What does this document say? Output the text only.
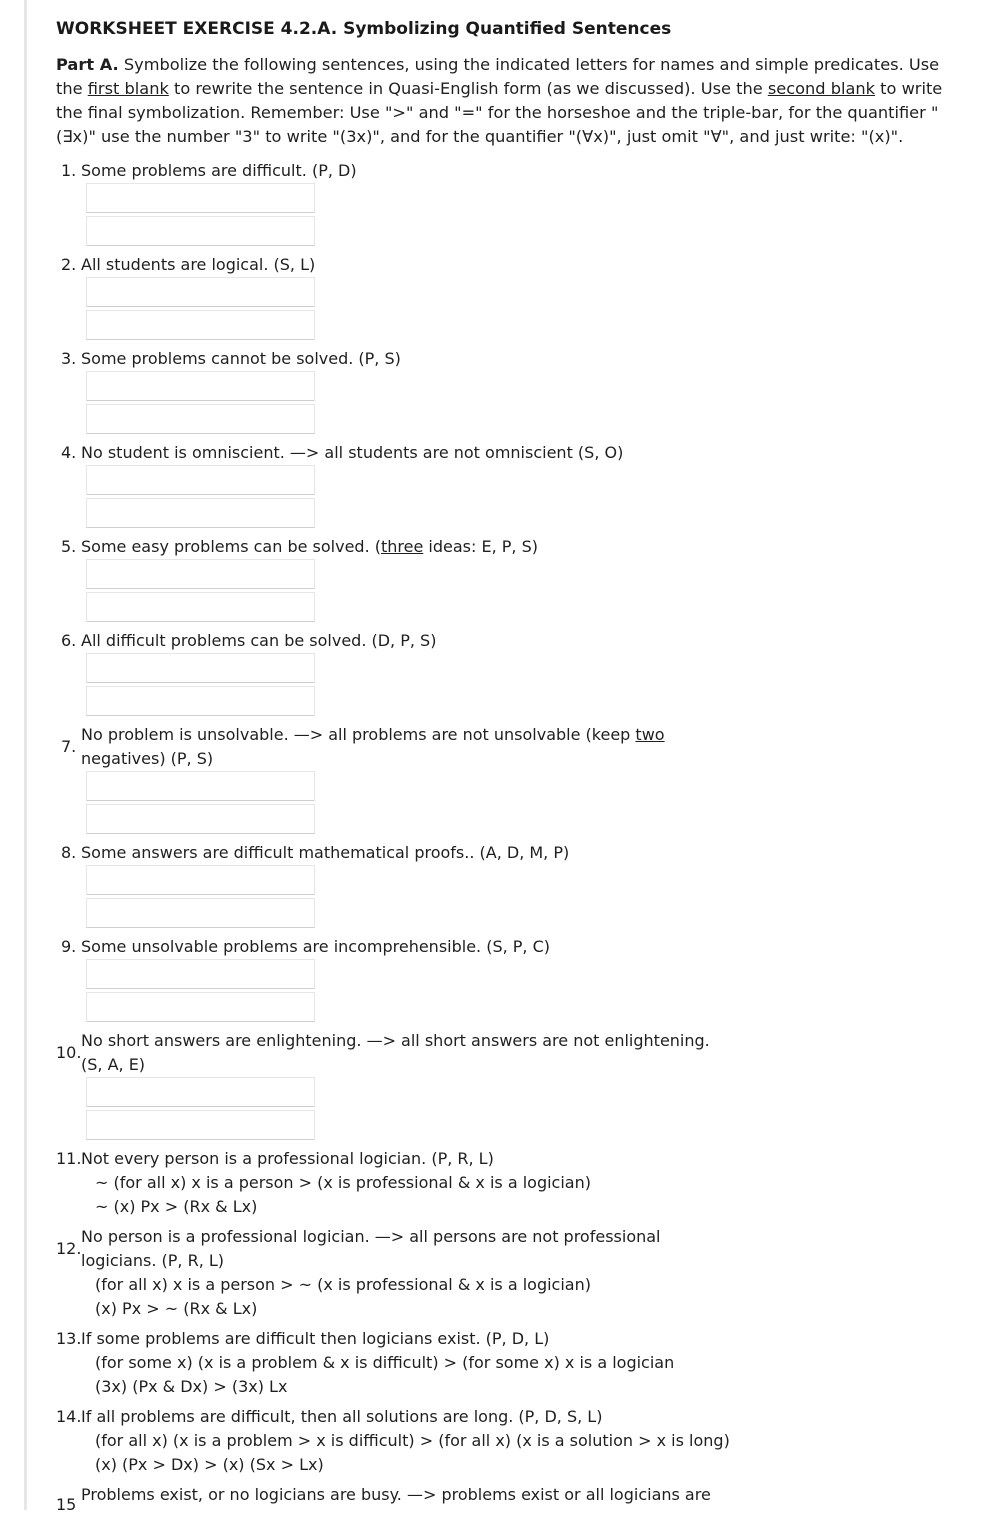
WORKSHEET EXERCISE 4.2.A. Symbolizing Quantified Sentences
Part A. Symbolize the following sentences, using the indicated letters for names and simple predicates. Use the first blank to rewrite the sentence in Quasi-English form (as we discussed). Use the second blank to write the final symbolization. Remember: Use ">" and "=" for the horseshoe and the triple-bar, for the quantifier "(∃x)" use the number "3" to write "(3x)", and for the quantifier "(∀x)", just omit "∀", and just write: "(x)".
1. Some problems are difficult. (P, D)
2. All students are logical. (S, L)
3. Some problems cannot be solved. (P, S)
4. No student is omniscient. —> all students are not omniscient (S, O)
5. Some easy problems can be solved. (three ideas: E, P, S)
6. All difficult problems can be solved. (D, P, S)
7.
No problem is unsolvable. —> all problems are not unsolvable (keep two
negatives) (P, S)
8. Some answers are difficult mathematical proofs.. (A, D, M, P)
9. Some unsolvable problems are incomprehensible. (S, P, C)
10.
No short answers are enlightening. —> all short answers are not enlightening.
(S, A, E)
11. Not every person is a professional logician. (P, R, L)
~ (for all x) x is a person > (x is professional & x is a logician)
~ (x) Px > (Rx & Lx)
12.
No person is a professional logician. —> all persons are not professional
logicians. (P, R, L)
(for all x) x is a person > ~ (x is professional & x is a logician)
(x) Px > ~ (Rx & Lx)
13. If some problems are difficult then logicians exist. (P, D, L)
(for some x) (x is a problem & x is difficult) > (for some x) x is a logician
(3x) (Px & Dx) > (3x) Lx
14. If all problems are difficult, then all solutions are long. (P, D, S, L)
(for all x) (x is a problem > x is difficult) > (for all x) (x is a solution > x is long)
(x) (Px > Dx) > (x) (Sx > Lx)
15
Problems exist, or no logicians are busy. —> problems exist or all logicians are
